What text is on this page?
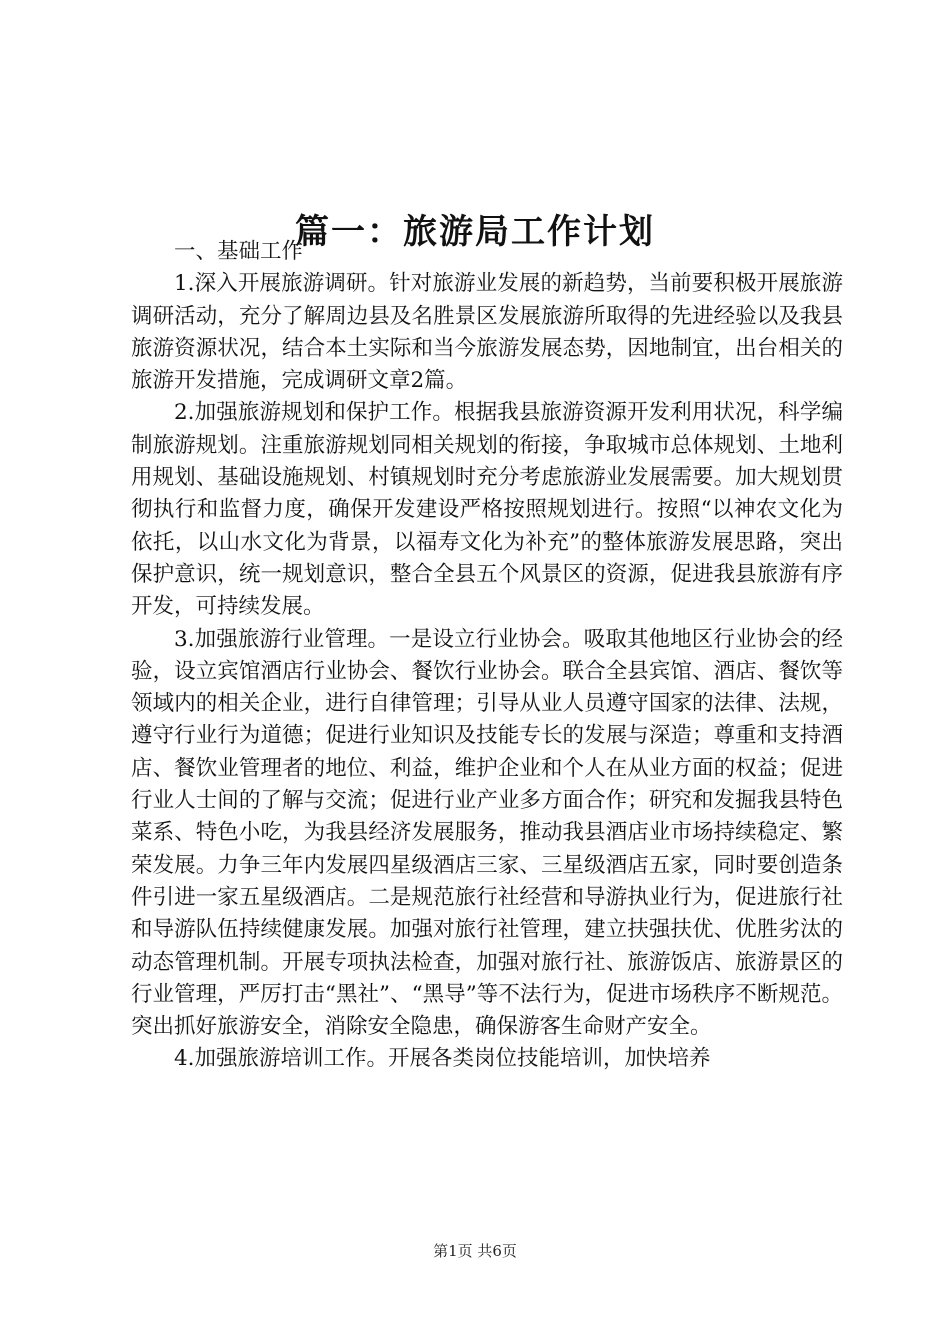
篇一：旅游局工作计划

一、基础工作

1.深入开展旅游调研。针对旅游业发展的新趋势，当前要积极开展旅游调研活动，充分了解周边县及名胜景区发展旅游所取得的先进经验以及我县旅游资源状况，结合本土实际和当今旅游发展态势，因地制宜，出台相关的旅游开发措施，完成调研文章2篇。

2.加强旅游规划和保护工作。根据我县旅游资源开发利用状况，科学编制旅游规划。注重旅游规划同相关规划的衔接，争取城市总体规划、土地利用规划、基础设施规划、村镇规划时充分考虑旅游业发展需要。加大规划贯彻执行和监督力度，确保开发建设严格按照规划进行。按照“以神农文化为依托，以山水文化为背景，以福寿文化为补充”的整体旅游发展思路，突出保护意识，统一规划意识，整合全县五个风景区的资源，促进我县旅游有序开发，可持续发展。

3.加强旅游行业管理。一是设立行业协会。吸取其他地区行业协会的经验，设立宾馆酒店行业协会、餐饮行业协会。联合全县宾馆、酒店、餐饮等领域内的相关企业，进行自律管理；引导从业人员遵守国家的法律、法规，遵守行业行为道德；促进行业知识及技能专长的发展与深造；尊重和支持酒店、餐饮业管理者的地位、利益，维护企业和个人在从业方面的权益；促进行业人士间的了解与交流；促进行业产业多方面合作；研究和发掘我县特色菜系、特色小吃，为我县经济发展服务，推动我县酒店业市场持续稳定、繁荣发展。力争三年内发展四星级酒店三家、三星级酒店五家，同时要创造条件引进一家五星级酒店。二是规范旅行社经营和导游执业行为，促进旅行社和导游队伍持续健康发展。加强对旅行社管理，建立扶强扶优、优胜劣汰的动态管理机制。开展专项执法检查，加强对旅行社、旅游饭店、旅游景区的行业管理，严厉打击“黑社”、“黑导”等不法行为，促进市场秩序不断规范。突出抓好旅游安全，消除安全隐患，确保游客生命财产安全。

4.加强旅游培训工作。开展各类岗位技能培训，加快培养

第1页 共6页
